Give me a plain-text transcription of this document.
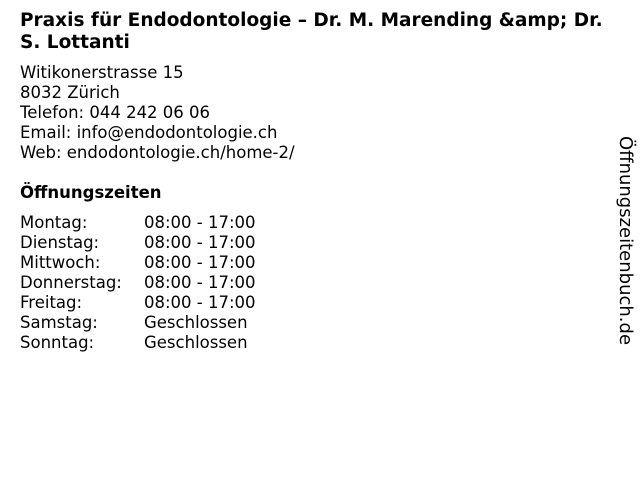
Praxis für Endodontologie – Dr. M. Marending &amp; Dr. S. Lottanti
Witikonerstrasse 15
8032 Zürich
Telefon: 044 242 06 06
Email: info@endodontologie.ch
Web: endodontologie.ch/home-2/
Öffnungszeiten
Montag:	08:00 - 17:00
Dienstag:	08:00 - 17:00
Mittwoch:	08:00 - 17:00
Donnerstag:	08:00 - 17:00
Freitag:	08:00 - 17:00
Samstag:	Geschlossen
Sonntag:	Geschlossen	Öffnungszeitenbuch.de
